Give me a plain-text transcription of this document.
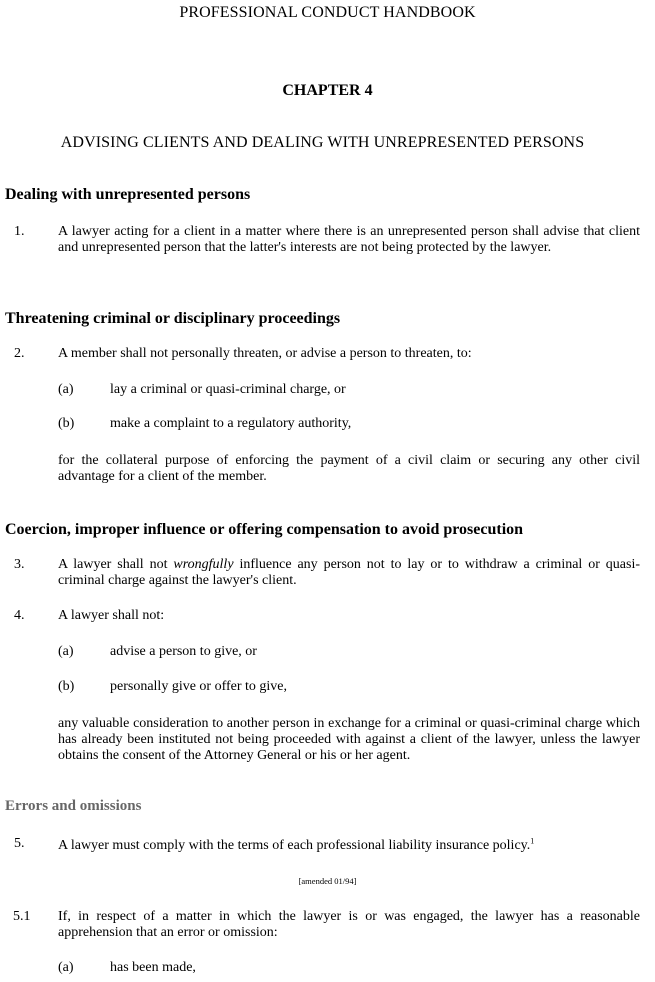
PROFESSIONAL CONDUCT HANDBOOK
CHAPTER 4
ADVISING CLIENTS AND DEALING WITH UNREPRESENTED PERSONS
Dealing with unrepresented persons
1. A lawyer acting for a client in a matter where there is an unrepresented person shall advise that client and unrepresented person that the latter's interests are not being protected by the lawyer.
Threatening criminal or disciplinary proceedings
2. A member shall not personally threaten, or advise a person to threaten, to:
(a)	lay a criminal or quasi-criminal charge, or
(b)	make a complaint to a regulatory authority,
for the collateral purpose of enforcing the payment of a civil claim or securing any other civil advantage for a client of the member.
Coercion, improper influence or offering compensation to avoid prosecution
3. A lawyer shall not wrongfully influence any person not to lay or to withdraw a criminal or quasi-criminal charge against the lawyer's client.
4. A lawyer shall not:
(a)	advise a person to give, or
(b)	personally give or offer to give,
any valuable consideration to another person in exchange for a criminal or quasi-criminal charge which has already been instituted not being proceeded with against a client of the lawyer, unless the lawyer obtains the consent of the Attorney General or his or her agent.
Errors and omissions
5. A lawyer must comply with the terms of each professional liability insurance policy.$^1$
[amended 01/94]
5.1 If, in respect of a matter in which the lawyer is or was engaged, the lawyer has a reasonable apprehension that an error or omission:
(a)	has been made,
